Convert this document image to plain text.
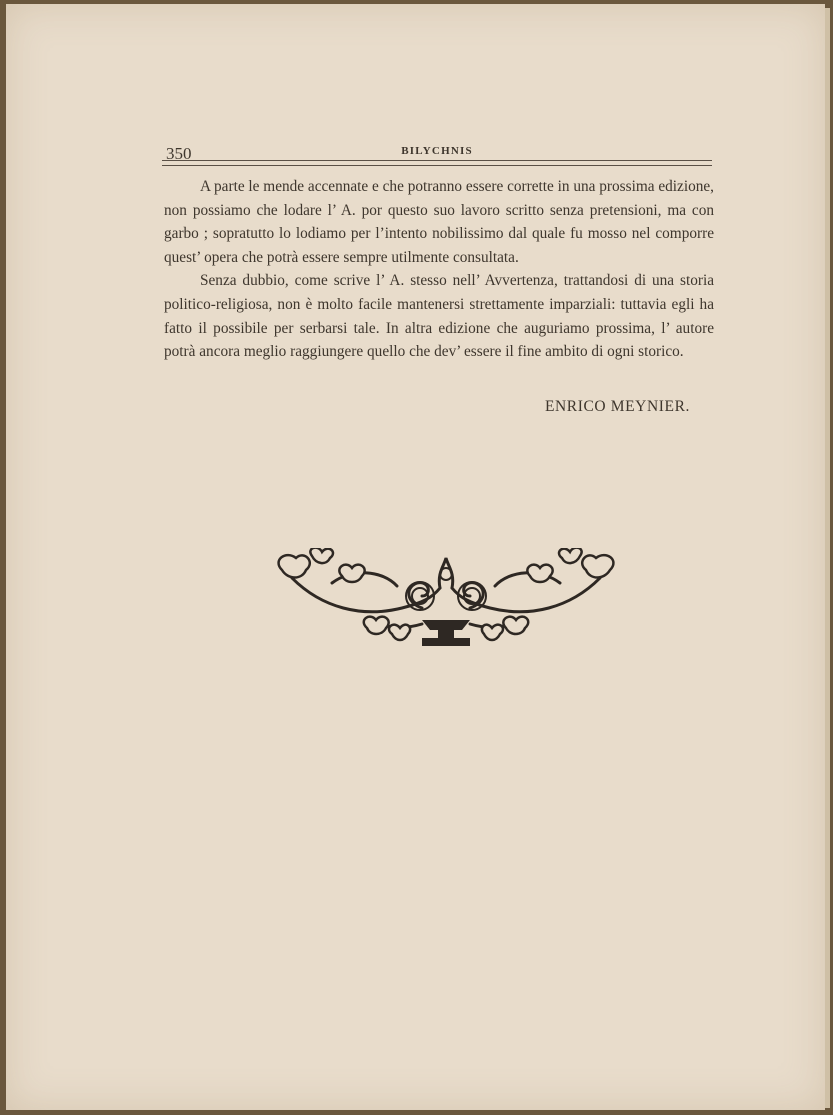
350	BILYCHNIS

A parte le mende accennate e che potranno essere corrette in una prossima edizione, non possiamo che lodare l’ A. por questo suo lavoro scritto senza pretensioni, ma con garbo ; sopratutto lo lodiamo per l’intento nobilissimo dal quale fu mosso nel comporre quest’ opera che potrà essere sempre utilmente consultata.

Senza dubbio, come scrive l’ A. stesso nell’ Avvertenza, trattandosi di una storia politico-religiosa, non è molto facile mantenersi strettamente imparziali: tuttavia egli ha fatto il possibile per serbarsi tale. In altra edizione che auguriamo prossima, l’ autore potrà ancora meglio raggiungere quello che dev’ essere il fine ambito di ogni storico.

ENRICO MEYNIER.
